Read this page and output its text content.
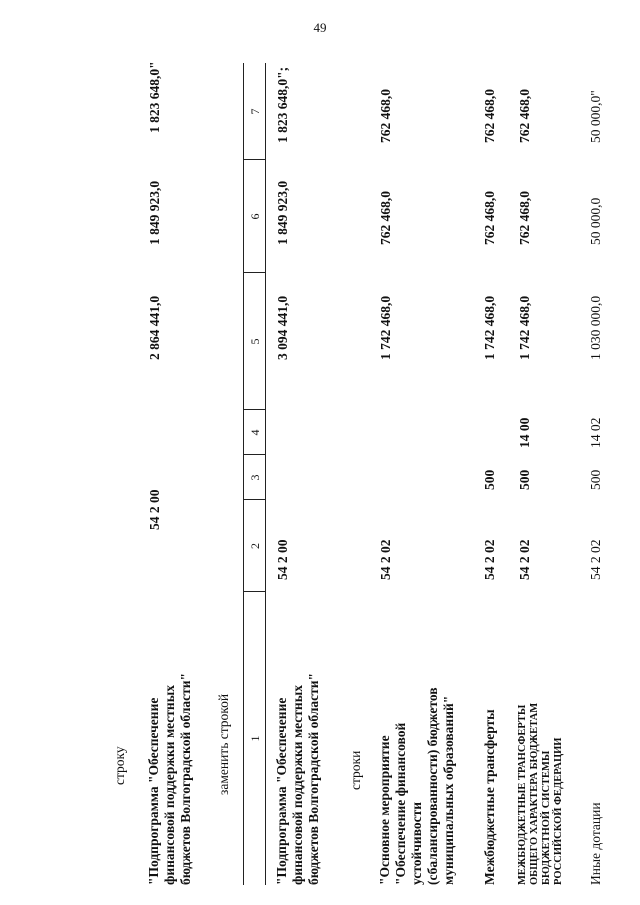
49
строку
"Подпрограмма "Обеспечение
финансовой поддержки местных
бюджетов Волгоградской области"
54 2 00
2 864 441,0
1 849 923,0
1 823 648,0"
заменить строкой 1
2
3
4
5
6
7
"Подпрограмма "Обеспечение
финансовой поддержки местных
бюджетов Волгоградской области"
54 2 00
3 094 441,0
1 849 923,0
1 823 648,0";
строки
"Основное мероприятие
"Обеспечение финансовой
устойчивости
(сбалансированности) бюджетов
муниципальных образований"
54 2 02
1 742 468,0
762 468,0
762 468,0
Межбюджетные трансферты
54 2 02
500
1 742 468,0
762 468,0
762 468,0
МЕЖБЮДЖЕТНЫЕ ТРАНСФЕРТЫ
ОБЩЕГО ХАРАКТЕРА БЮДЖЕТАМ
БЮДЖЕТНОЙ СИСТЕМЫ
РОССИЙСКОЙ ФЕДЕРАЦИИ
54 2 02
500
14 00
1 742 468,0
762 468,0
762 468,0
Иные дотации
54 2 02
500
14 02
1 030 000,0
50 000,0
50 000,0"
